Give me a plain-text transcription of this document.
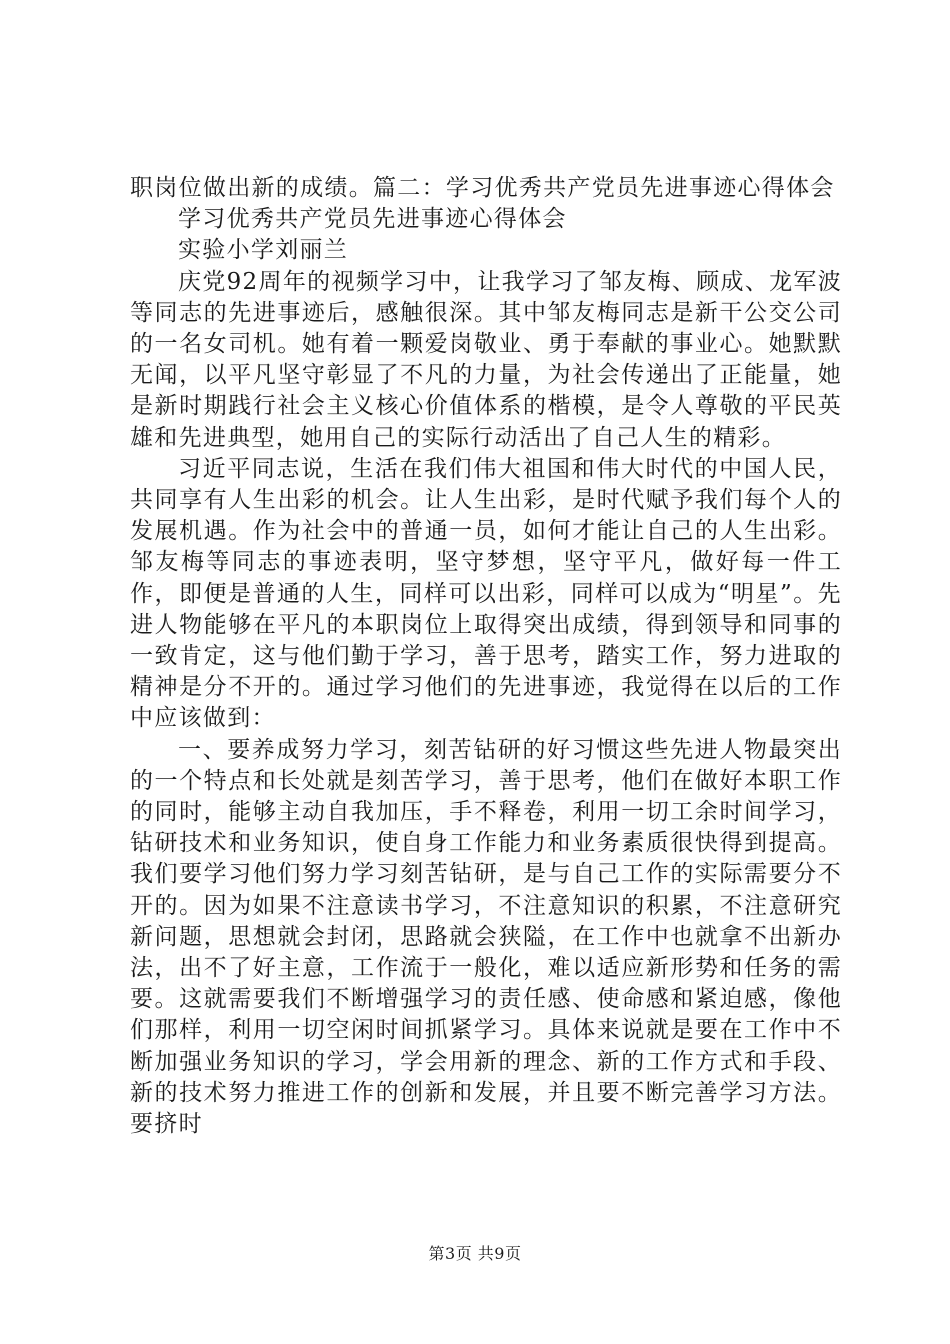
职岗位做出新的成绩。篇二：学习优秀共产党员先进事迹心得体会

学习优秀共产党员先进事迹心得体会

实验小学刘丽兰

庆党92周年的视频学习中，让我学习了邹友梅、顾成、龙军波等同志的先进事迹后，感触很深。其中邹友梅同志是新干公交公司的一名女司机。她有着一颗爱岗敬业、勇于奉献的事业心。她默默无闻，以平凡坚守彰显了不凡的力量，为社会传递出了正能量，她是新时期践行社会主义核心价值体系的楷模，是令人尊敬的平民英雄和先进典型，她用自己的实际行动活出了自己人生的精彩。

习近平同志说，生活在我们伟大祖国和伟大时代的中国人民，共同享有人生出彩的机会。让人生出彩，是时代赋予我们每个人的发展机遇。作为社会中的普通一员，如何才能让自己的人生出彩。邹友梅等同志的事迹表明，坚守梦想，坚守平凡，做好每一件工作，即便是普通的人生，同样可以出彩，同样可以成为“明星”。先进人物能够在平凡的本职岗位上取得突出成绩，得到领导和同事的一致肯定，这与他们勤于学习，善于思考，踏实工作，努力进取的精神是分不开的。通过学习他们的先进事迹，我觉得在以后的工作中应该做到：

一、要养成努力学习，刻苦钻研的好习惯这些先进人物最突出的一个特点和长处就是刻苦学习，善于思考，他们在做好本职工作的同时，能够主动自我加压，手不释卷，利用一切工余时间学习，钻研技术和业务知识，使自身工作能力和业务素质很快得到提高。我们要学习他们努力学习刻苦钻研，是与自己工作的实际需要分不开的。因为如果不注意读书学习，不注意知识的积累，不注意研究新问题，思想就会封闭，思路就会狭隘，在工作中也就拿不出新办法，出不了好主意，工作流于一般化，难以适应新形势和任务的需要。这就需要我们不断增强学习的责任感、使命感和紧迫感，像他们那样，利用一切空闲时间抓紧学习。具体来说就是要在工作中不断加强业务知识的学习，学会用新的理念、新的工作方式和手段、新的技术努力推进工作的创新和发展，并且要不断完善学习方法。要挤时

第3页 共9页
